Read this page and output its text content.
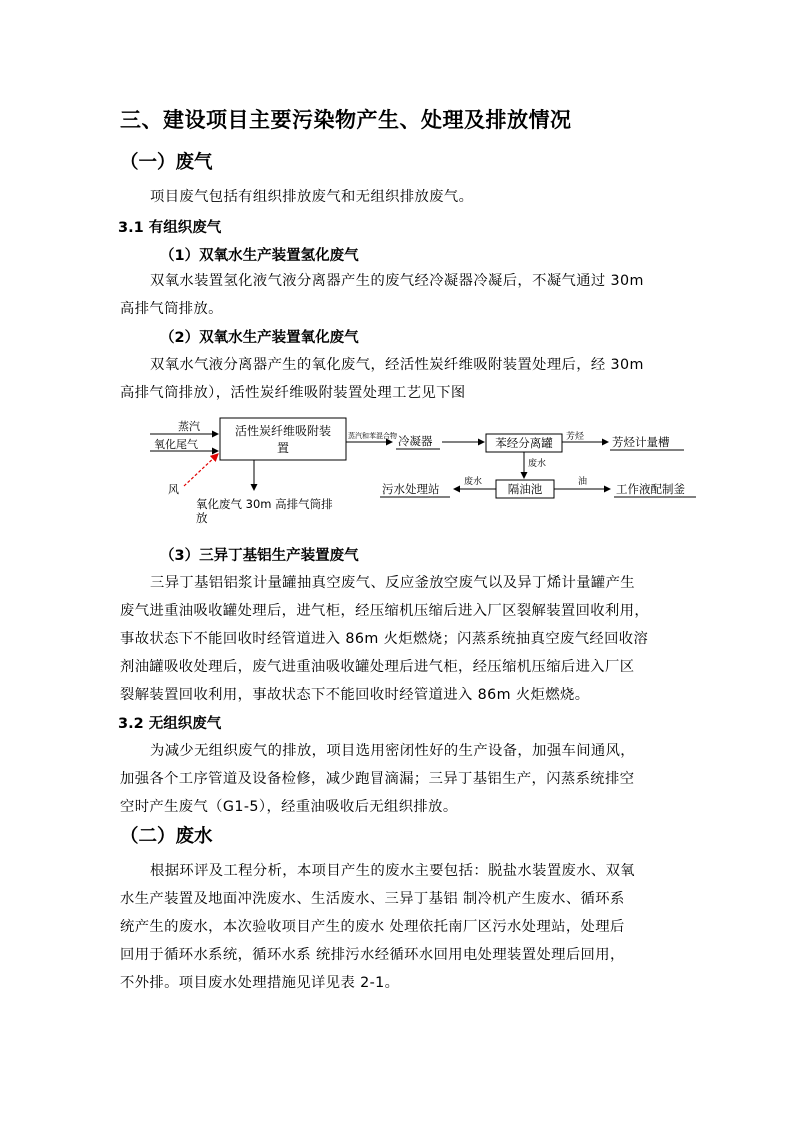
三、建设项目主要污染物产生、处理及排放情况
（一）废气
项目废气包括有组织排放废气和无组织排放废气。
3.1 有组织废气
（1）双氧水生产装置氢化废气
双氧水装置氢化液气液分离器产生的废气经冷凝器冷凝后，不凝气通过 30m
高排气筒排放。
（2）双氧水生产装置氧化废气
双氧水气液分离器产生的氧化废气，经活性炭纤维吸附装置处理后，经 30m
高排气筒排放），活性炭纤维吸附装置处理工艺见下图
蒸汽
氧化尾气
风
活性炭纤维吸附装
置
蒸汽和苯混合物 冷凝器	苯经分离罐 芳烃 芳烃计量槽
废水
隔油池
废水
污水处理站	油	工作液配制釜
氧化废气 30m 高排气筒排
放
（3）三异丁基铝生产装置废气
三异丁基铝铝浆计量罐抽真空废气、反应釜放空废气以及异丁烯计量罐产生
废气进重油吸收罐处理后，进气柜，经压缩机压缩后进入厂区裂解装置回收利用，
事故状态下不能回收时经管道进入 86m 火炬燃烧；闪蒸系统抽真空废气经回收溶
剂油罐吸收处理后，废气进重油吸收罐处理后进气柜，经压缩机压缩后进入厂区
裂解装置回收利用，事故状态下不能回收时经管道进入 86m 火炬燃烧。
3.2 无组织废气
为减少无组织废气的排放，项目选用密闭性好的生产设备，加强车间通风，
加强各个工序管道及设备检修，减少跑冒滴漏；三异丁基铝生产，闪蒸系统排空
空时产生废气（G1-5），经重油吸收后无组织排放。
（二）废水
根据环评及工程分析，本项目产生的废水主要包括：脱盐水装置废水、双氧
水生产装置及地面冲洗废水、生活废水、三异丁基铝 制冷机产生废水、循环系
统产生的废水，本次验收项目产生的废水 处理依托南厂区污水处理站，处理后
回用于循环水系统，循环水系 统排污水经循环水回用电处理装置处理后回用，
不外排。项目废水处理措施见详见表 2-1。
